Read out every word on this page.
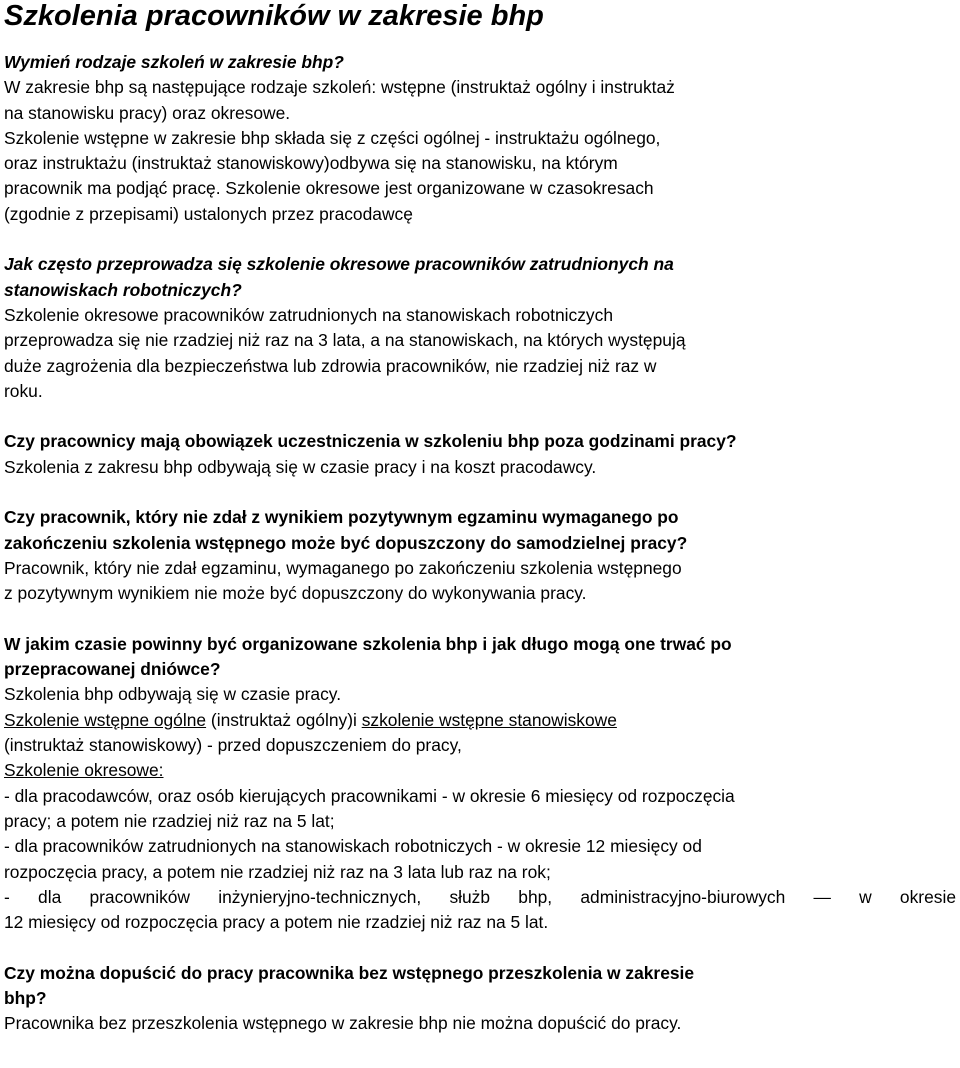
Szkolenia pracowników w zakresie bhp
Wymień rodzaje szkoleń w zakresie bhp?
W zakresie bhp są następujące rodzaje szkoleń: wstępne (instruktaż ogólny i instruktaż
na stanowisku pracy) oraz okresowe.
Szkolenie wstępne w zakresie bhp składa się z części ogólnej - instruktażu ogólnego,
oraz instruktażu (instruktaż stanowiskowy)odbywa się na stanowisku, na którym
pracownik ma podjąć pracę. Szkolenie okresowe jest organizowane w czasokresach
(zgodnie z przepisami) ustalonych przez pracodawcę
Jak często przeprowadza się szkolenie okresowe pracowników zatrudnionych na
stanowiskach robotniczych?
Szkolenie okresowe pracowników zatrudnionych na stanowiskach robotniczych
przeprowadza się nie rzadziej niż raz na 3 lata, a na stanowiskach, na których występują
duże zagrożenia dla bezpieczeństwa lub zdrowia pracowników, nie rzadziej niż raz w
roku.
Czy pracownicy mają obowiązek uczestniczenia w szkoleniu bhp poza godzinami pracy?
Szkolenia z zakresu bhp odbywają się w czasie pracy i na koszt pracodawcy.
Czy pracownik, który nie zdał z wynikiem pozytywnym egzaminu wymaganego po
zakończeniu szkolenia wstępnego może być dopuszczony do samodzielnej pracy?
Pracownik, który nie zdał egzaminu, wymaganego po zakończeniu szkolenia wstępnego
z pozytywnym wynikiem nie może być dopuszczony do wykonywania pracy.
W jakim czasie powinny być organizowane szkolenia bhp i jak długo mogą one trwać po
przepracowanej dniówce?
Szkolenia bhp odbywają się w czasie pracy.
Szkolenie wstępne ogólne (instruktaż ogólny)i szkolenie wstępne stanowiskowe
(instruktaż stanowiskowy) - przed dopuszczeniem do pracy,
Szkolenie okresowe:
- dla pracodawców, oraz osób kierujących pracownikami - w okresie 6 miesięcy od rozpoczęcia
pracy; a potem nie rzadziej niż raz na 5 lat;
- dla pracowników zatrudnionych na stanowiskach robotniczych - w okresie 12 miesięcy od
rozpoczęcia pracy, a potem nie rzadziej niż raz na 3 lata lub raz na rok;
- dla pracowników inżynieryjno-technicznych, służb bhp, administracyjno-biurowych — w okresie
12 miesięcy od rozpoczęcia pracy a potem nie rzadziej niż raz na 5 lat.
Czy można dopuścić do pracy pracownika bez wstępnego przeszkolenia w zakresie
bhp?
Pracownika bez przeszkolenia wstępnego w zakresie bhp nie można dopuścić do pracy.
